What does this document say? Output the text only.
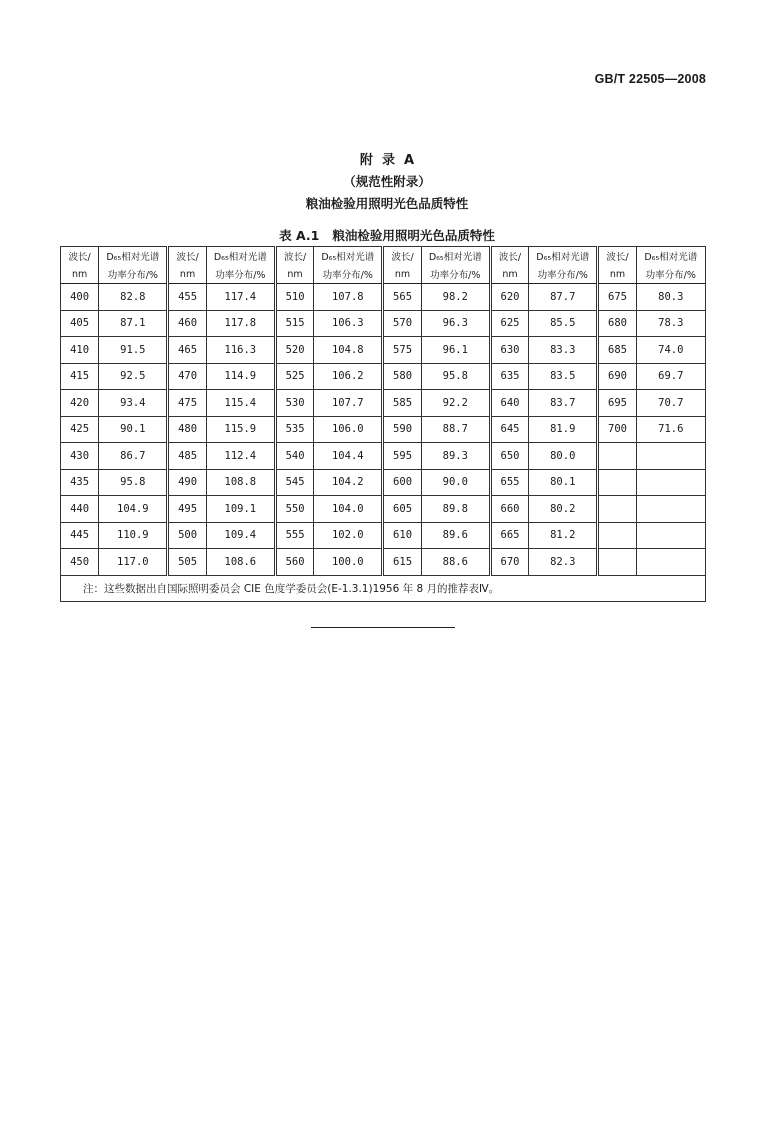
GB/T 22505—2008
附  录  A
（规范性附录）
粮油检验用照明光色品质特性
表 A.1   粮油检验用照明光色品质特性
波长/	D₆₅相对光谱	波长/	D₆₅相对光谱	波长/	D₆₅相对光谱	波长/	D₆₅相对光谱	波长/	D₆₅相对光谱	波长/	D₆₅相对光谱
nm	功率分布/%	nm	功率分布/%	nm	功率分布/%	nm	功率分布/%	nm	功率分布/%	nm	功率分布/%
400	82.8	455	117.4	510	107.8	565	98.2	620	87.7	675	80.3
405	87.1	460	117.8	515	106.3	570	96.3	625	85.5	680	78.3
410	91.5	465	116.3	520	104.8	575	96.1	630	83.3	685	74.0
415	92.5	470	114.9	525	106.2	580	95.8	635	83.5	690	69.7
420	93.4	475	115.4	530	107.7	585	92.2	640	83.7	695	70.7
425	90.1	480	115.9	535	106.0	590	88.7	645	81.9	700	71.6
430	86.7	485	112.4	540	104.4	595	89.3	650	80.0		
435	95.8	490	108.8	545	104.2	600	90.0	655	80.1		
440	104.9	495	109.1	550	104.0	605	89.8	660	80.2		
445	110.9	500	109.4	555	102.0	610	89.6	665	81.2		
450	117.0	505	108.6	560	100.0	615	88.6	670	82.3		
注：这些数据出自国际照明委员会 CIE 色度学委员会(E-1.3.1)1956 年 8 月的推荐表Ⅳ。											
